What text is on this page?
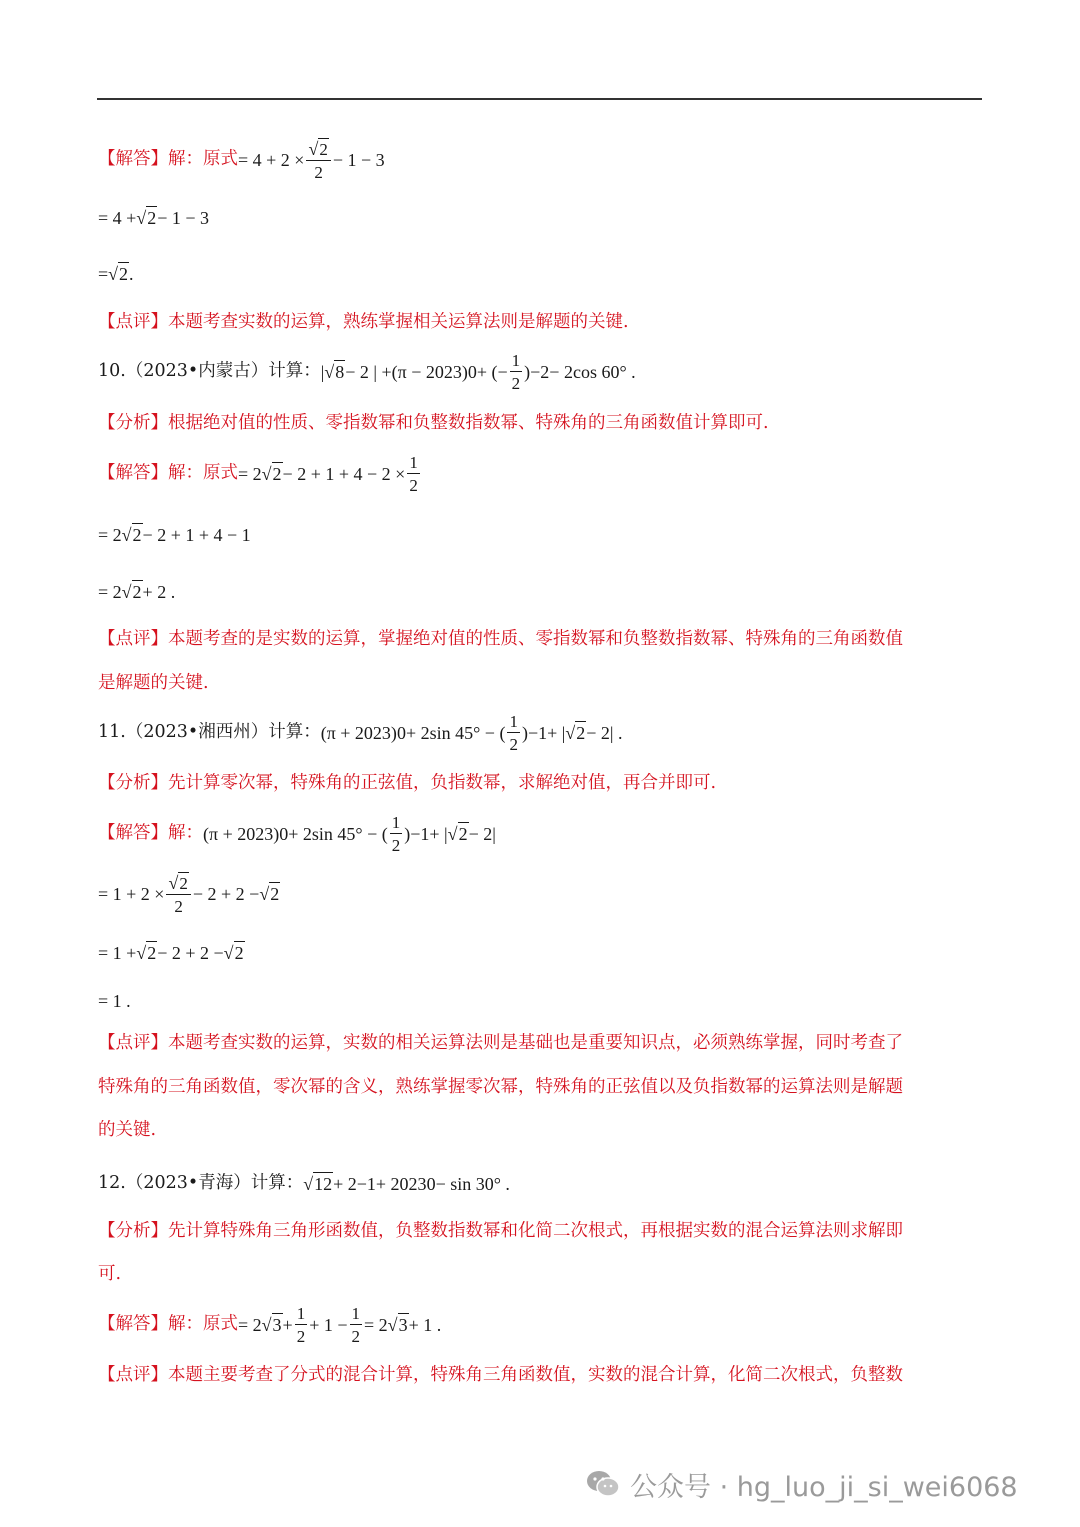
【解答】 解：原式 = $4 + 2 \times \frac{√2}{2} - 1 - 3$
= 4 + √2 − 1 − 3
= √2 .
【点评】 本题考查实数的运算，熟练掌握相关运算法则是解题的关键.
10.（2023•内蒙古）计算： | √8 − 2 | +(π − 2023) 0 + (− $\frac{1}{2}$ ) −2 − 2cos 60° .
【分析】 根据绝对值的性质、零指数幂和负整数指数幂、特殊角的三角函数值计算即可.
【解答】 解：原式 = 2 $√2 - 2 + 1 + 4 - 2 \times \frac{1}{2}$
= 2 √2 − 2 + 1 + 4 − 1
= 2 √2 + 2 .
【点评】 本题考查的是实数的运算，掌握绝对值的性质、零指数幂和负整数指数幂、特殊角的三角函数值
是解题的关键.
11.（2023•湘西州）计算： (π + 2023) 0 + 2sin 45° − ( $\frac{1}{2}$ ) −1 + | √2 − 2| .
【分析】 先计算零次幂，特殊角的正弦值，负指数幂，求解绝对值，再合并即可.
【解答】 解： (π + 2023) 0 + 2sin 45° − ( $\frac{1}{2}$ ) −1 + | √2 − 2|
= $1 + 2 \times \frac{√2}{2} - 2 + 2 - √2$
= 1 + √2 − 2 + 2 − √2
= 1 .
【点评】 本题考查实数的运算，实数的相关运算法则是基础也是重要知识点，必须熟练掌握，同时考查了
特殊角的三角函数值，零次幂的含义，熟练掌握零次幂，特殊角的正弦值以及负指数幂的运算法则是解题
的关键.
12.（2023•青海）计算： √12 + 2 −1 + 2023 0 − sin 30° .
【分析】 先计算特殊角三角形函数值，负整数指数幂和化简二次根式，再根据实数的混合运算法则求解即
可.
【解答】 解：原式 = 2 $√3 + \frac{1}{2} + 1 - \frac{1}{2} = 2$ √3 + 1 .
【点评】 本题主要考查了分式的混合计算，特殊角三角函数值，实数的混合计算，化简二次根式，负整数
公众号 · hg_luo_ji_si_wei6068
